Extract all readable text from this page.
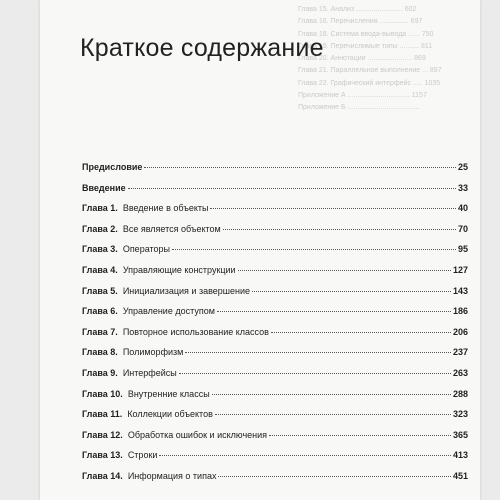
Глава 15. Анализ ........................ 602
Глава 16. Перечисления ............... 697
Глава 18. Система ввода-вывода ...... 750
Глава 19. Перечислимые типы .......... 811
Глава 20. Аннотации ....................... 869
Глава 21. Параллельное выполнение ... 897
Глава 22. Графический интерфейс ..... 1035
Приложение А ................................ 1157
Приложение Б .....................................
Краткое содержание
Предисловие	25
Введение	33
Глава 1. Введение в объекты	40
Глава 2. Все является объектом	70
Глава 3. Операторы	95
Глава 4. Управляющие конструкции	127
Глава 5. Инициализация и завершение	143
Глава 6. Управление доступом	186
Глава 7. Повторное использование классов	206
Глава 8. Полиморфизм	237
Глава 9. Интерфейсы	263
Глава 10. Внутренние классы	288
Глава 11. Коллекции объектов	323
Глава 12. Обработка ошибок и исключения	365
Глава 13. Строки	413
Глава 14. Информация о типах	451
